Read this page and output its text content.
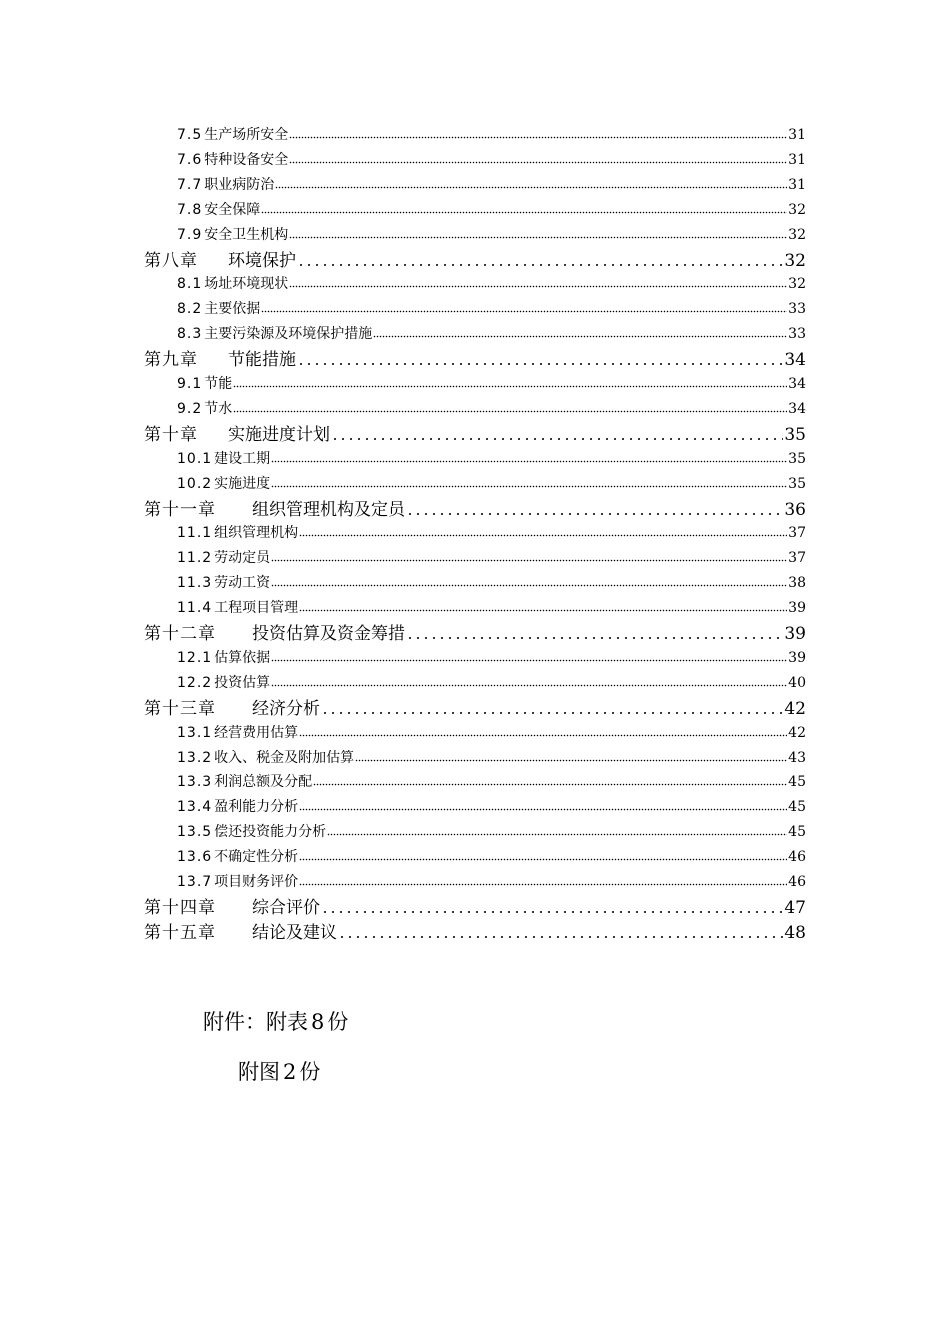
7.5 生产场所安全	31
7.6 特种设备安全	31
7.7 职业病防治	31
7.8 安全保障	32
7.9 安全卫生机构	32
第八章 环境保护	32
8.1 场址环境现状	32
8.2 主要依据	33
8.3 主要污染源及环境保护措施	33
第九章 节能措施	34
9.1 节能	34
9.2 节水	34
第十章 实施进度计划	35
10.1 建设工期	35
10.2 实施进度	35
第十一章 组织管理机构及定员	36
11.1 组织管理机构	37
11.2 劳动定员	37
11.3 劳动工资	38
11.4 工程项目管理	39
第十二章 投资估算及资金筹措	39
12.1 估算依据	39
12.2 投资估算	40
第十三章 经济分析	42
13.1 经营费用估算	42
13.2 收入、税金及附加估算	43
13.3 利润总额及分配	45
13.4 盈利能力分析	45
13.5 偿还投资能力分析	45
13.6 不确定性分析	46
13.7 项目财务评价	46
第十四章 综合评价	47
第十五章 结论及建议	48
附件：附表 8 份
附图 2 份
